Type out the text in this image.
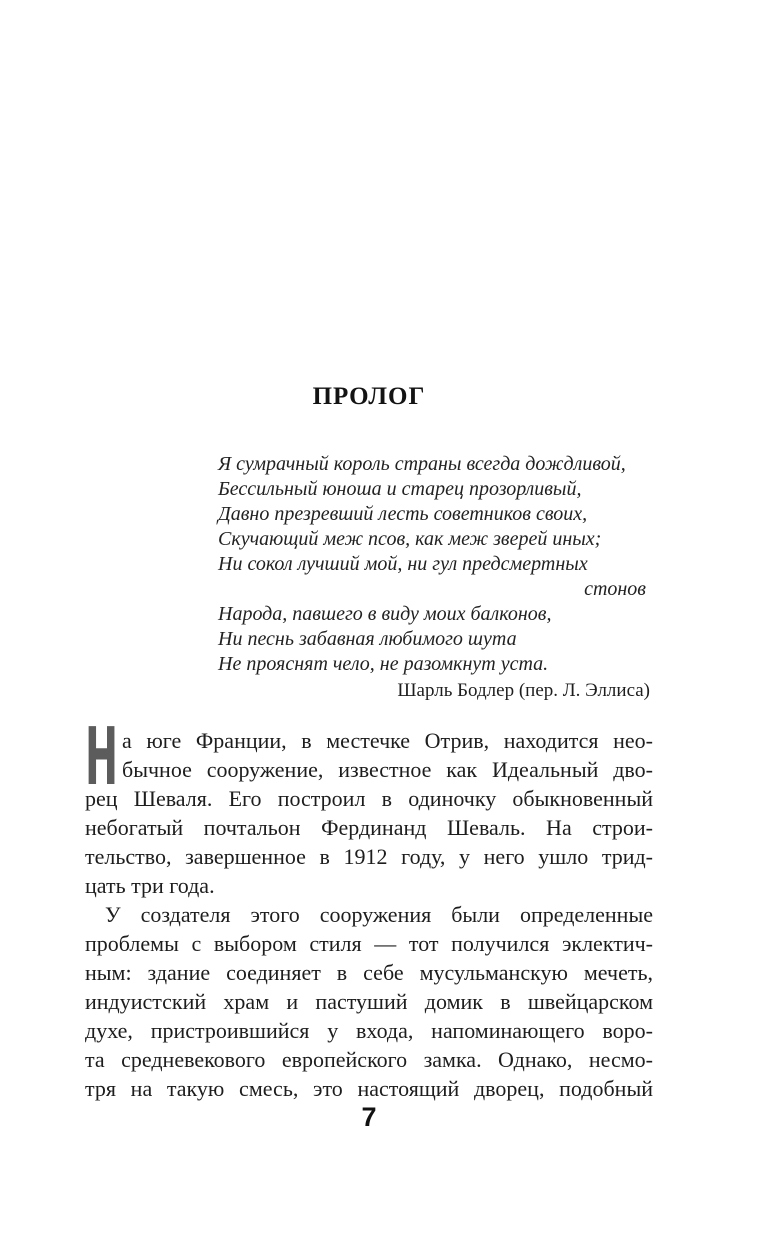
ПРОЛОГ
Я сумрачный король страны всегда дождливой,
Бессильный юноша и старец прозорливый,
Давно презревший лесть советников своих,
Скучающий меж псов, как меж зверей иных;
Ни сокол лучший мой, ни гул предсмертных
стонов
Народа, павшего в виду моих балконов,
Ни песнь забавная любимого шута
Не прояснят чело, не разомкнут уста.
Шарль Бодлер (пер. Л. Эллиса)
Н а юге Франции, в местечке Отрив, находится нео-
бычное сооружение, известное как Идеальный дво-
рец Шеваля. Его построил в одиночку обыкновенный
небогатый почтальон Фердинанд Шеваль. На строи-
тельство, завершенное в 1912 году, у него ушло трид-
цать три года.
У создателя этого сооружения были определенные
проблемы с выбором стиля — тот получился эклектич-
ным: здание соединяет в себе мусульманскую мечеть,
индуистский храм и пастуший домик в швейцарском
духе, пристроившийся у входа, напоминающего воро-
та средневекового европейского замка. Однако, несмо-
тря на такую смесь, это настоящий дворец, подобный
7
